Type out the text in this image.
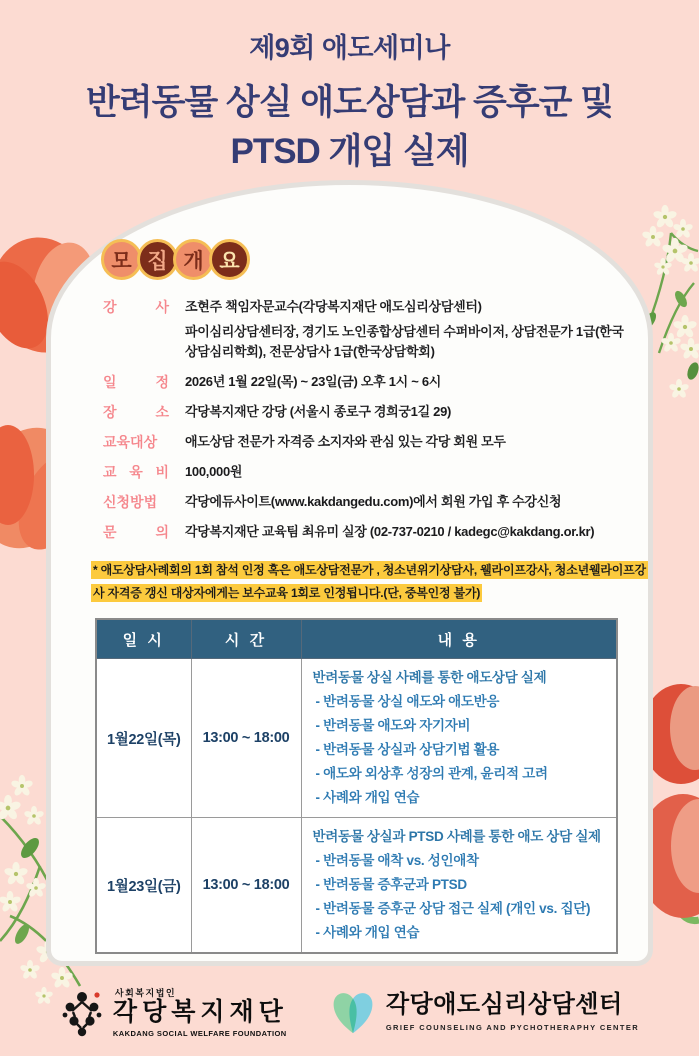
제9회 애도세미나
반려동물 상실 애도상담과 증후군 및
PTSD 개입 실제
모 집 개 요
강 사 조현주 책임자문교수(각당복지재단 애도심리상담센터)
파이심리상담센터장, 경기도 노인종합상담센터 수퍼바이저, 상담전문가 1급(한국상담심리학회), 전문상담사 1급(한국상담학회)
일 정 2026년 1월 22일(목) ~ 23일(금) 오후 1시 ~ 6시
장 소 각당복지재단 강당 (서울시 종로구 경희궁1길 29)
교육대상	애도상담 전문가 자격증 소지자와 관심 있는 각당 회원 모두
교 육 비 100,000원
신청방법	각당에듀사이트(www.kakdangedu.com)에서 회원 가입 후 수강신청
문 의 각당복지재단 교육팀 최유미 실장 (02-737-0210 / kadegc@kakdang.or.kr)
* 애도상담사례회의 1회 참석 인정 혹은 애도상담전문가 , 청소년위기상담사, 웰라이프강사, 청소년웰라이프강사 자격증 갱신 대상자에게는 보수교육 1회로 인정됩니다.(단, 중복인정 불가)
일 시	시 간	내 용
1월22일(목)	13:00 ~ 18:00	
반려동물 상실 사례를 통한 애도상담 실제
- 반려동물 상실 애도와 애도반응
- 반려동물 애도와 자기자비
- 반려동물 상실과 상담기법 활용
- 애도와 외상후 성장의 관계, 윤리적 고려
- 사례와 개입 연습

1월23일(금)	13:00 ~ 18:00	반려동물 상실과 PTSD 사례를 통한 애도 상담 실제
- 반려동물 애착 vs. 성인애착
- 반려동물 증후군과 PTSD
- 반려동물 증후군 상담 접근 실제 (개인 vs. 집단)
- 사례와 개입 연습
사회복지법인
각당복지재단
KAKDANG SOCIAL WELFARE FOUNDATION
각당애도심리상담센터
GRIEF COUNSELING AND PYCHOTHERAPHY CENTER
